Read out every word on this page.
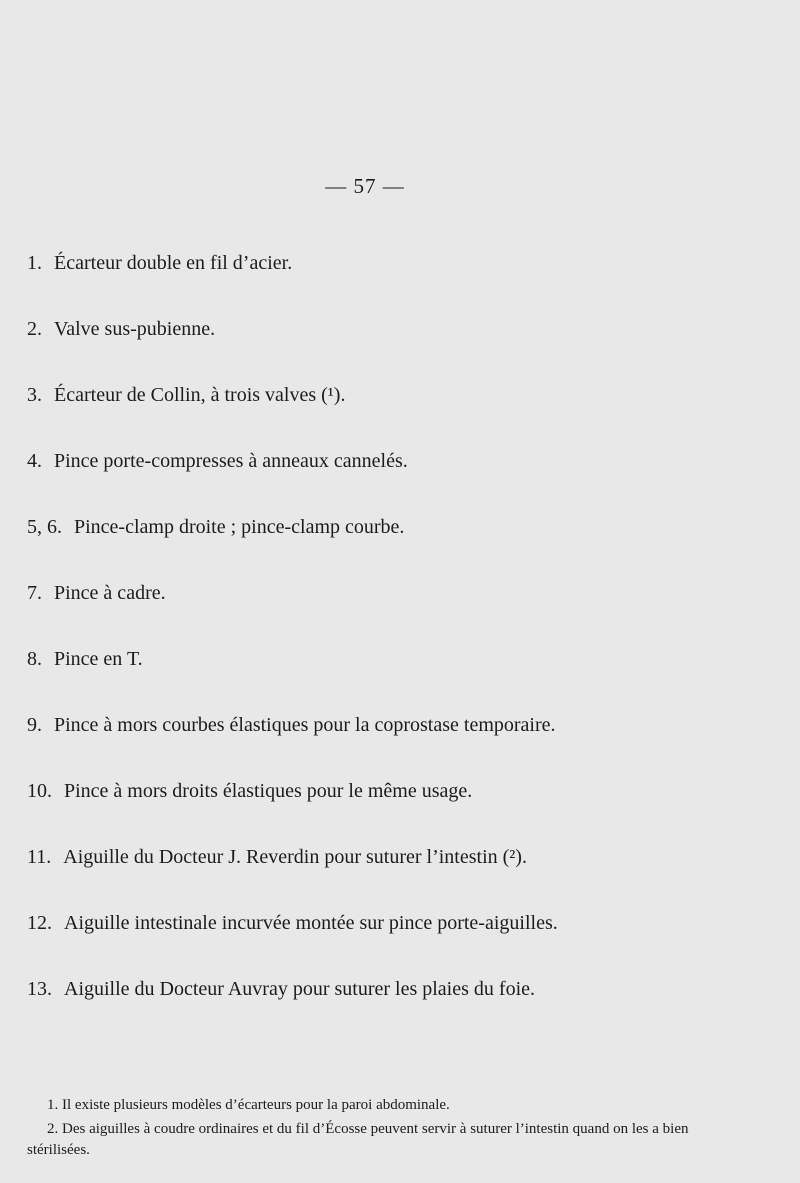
— 57 —
1. Écarteur double en fil d’acier.
2. Valve sus-pubienne.
3. Écarteur de Collin, à trois valves (¹).
4. Pince porte-compresses à anneaux cannelés.
5, 6. Pince-clamp droite ; pince-clamp courbe.
7. Pince à cadre.
8. Pince en T.
9. Pince à mors courbes élastiques pour la coprostase temporaire.
10. Pince à mors droits élastiques pour le même usage.
11. Aiguille du Docteur J. Reverdin pour suturer l’intestin (²).
12. Aiguille intestinale incurvée montée sur pince porte-aiguilles.
13. Aiguille du Docteur Auvray pour suturer les plaies du foie.

1. Il existe plusieurs modèles d’écarteurs pour la paroi abdominale.

2. Des aiguilles à coudre ordinaires et du fil d’Écosse peuvent servir à suturer l’intestin quand on les a bien stérilisées.
